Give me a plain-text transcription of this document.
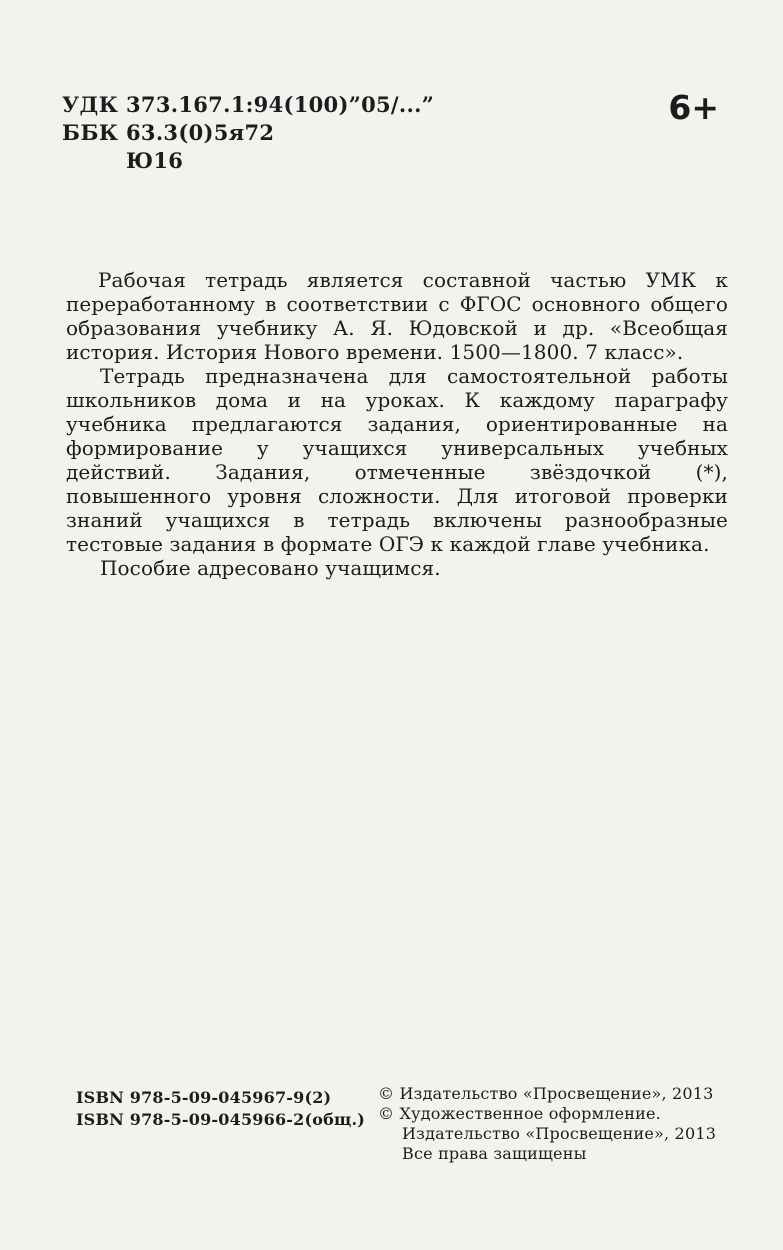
УДК 373.167.1:94(100)”05/...”
ББК 63.3(0)5я72
Ю16
6+

Рабочая тетрадь является составной частью УМК к переработанному в соответствии с ФГОС основного общего образования учебнику А. Я. Юдовской и др. «Всеобщая история. История Нового времени. 1500—1800. 7 класс».

Тетрадь предназначена для самостоятельной работы школьников дома и на уроках. К каждому параграфу учебника предлагаются задания, ориентированные на формирование у учащихся универсальных учебных действий. Задания, отмеченные звёздочкой (*), повышенного уровня сложности. Для итоговой проверки знаний учащихся в тетрадь включены разнообразные тестовые задания в формате ОГЭ к каждой главе учебника.

Пособие адресовано учащимся.

ISBN 978-5-09-045967-9(2)
ISBN 978-5-09-045966-2(общ.)
© Издательство «Просвещение», 2013
© Художественное оформление.
Издательство «Просвещение», 2013
Все права защищены
